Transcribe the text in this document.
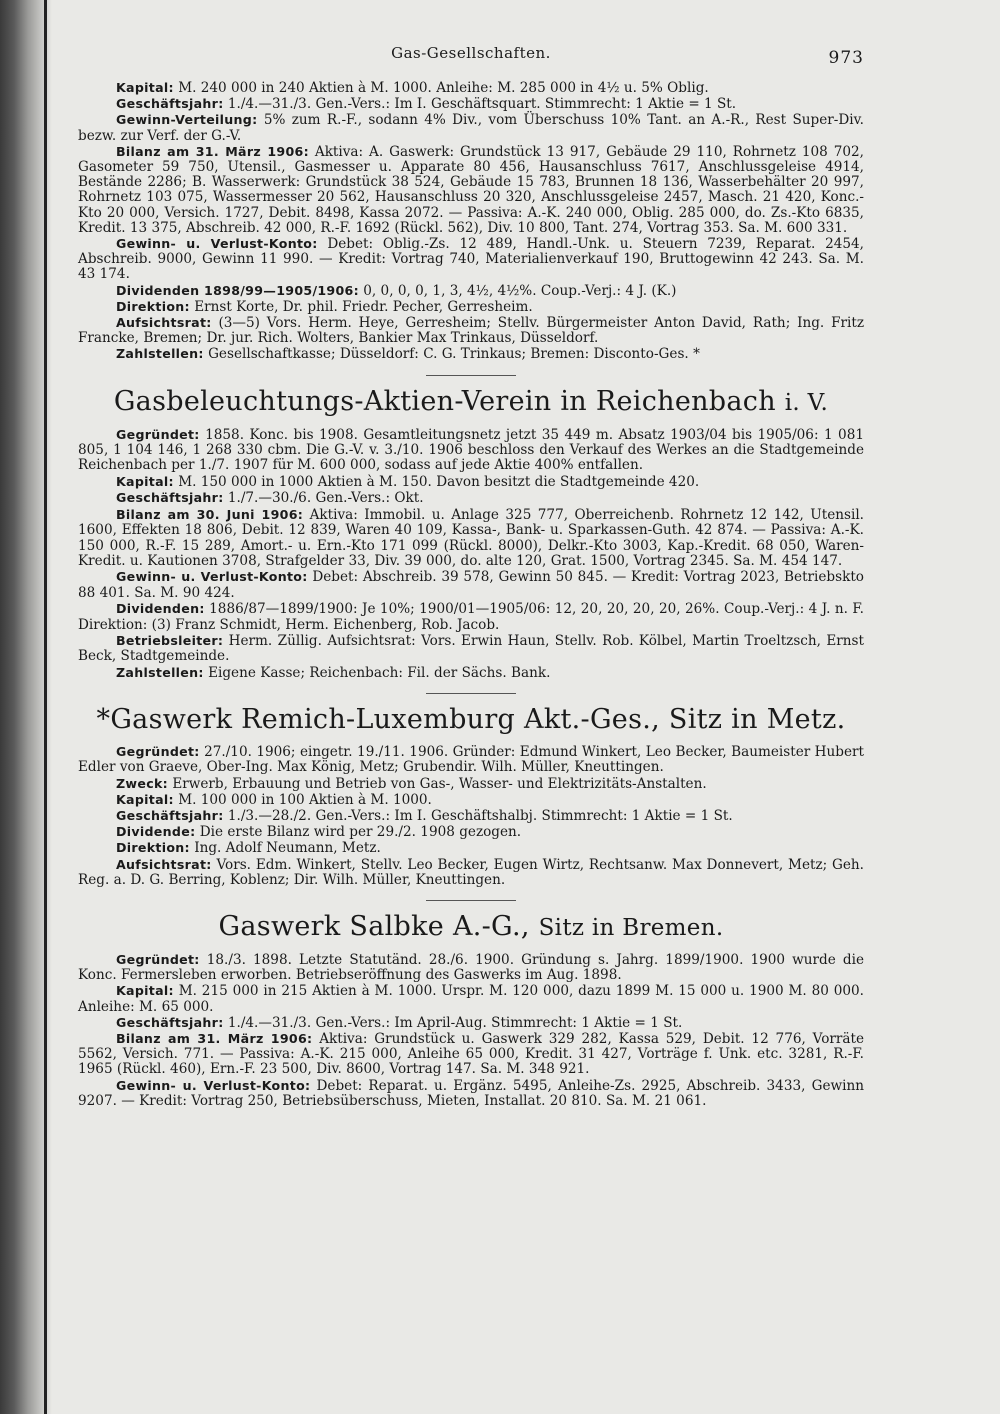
Gas-Gesellschaften.	973

Kapital: M. 240 000 in 240 Aktien à M. 1000. Anleihe: M. 285 000 in 4½ u. 5% Oblig.

Geschäftsjahr: 1./4.—31./3. Gen.-Vers.: Im I. Geschäftsquart. Stimmrecht: 1 Aktie = 1 St.

Gewinn-Verteilung: 5% zum R.-F., sodann 4% Div., vom Überschuss 10% Tant. an A.-R., Rest Super-Div. bezw. zur Verf. der G.-V.

Bilanz am 31. März 1906: Aktiva: A. Gaswerk: Grundstück 13 917, Gebäude 29 110, Rohrnetz 108 702, Gasometer 59 750, Utensil., Gasmesser u. Apparate 80 456, Hausanschluss 7617, Anschlussgeleise 4914, Bestände 2286; B. Wasserwerk: Grundstück 38 524, Gebäude 15 783, Brunnen 18 136, Wasserbehälter 20 997, Rohrnetz 103 075, Wassermesser 20 562, Hausanschluss 20 320, Anschlussgeleise 2457, Masch. 21 420, Konc.-Kto 20 000, Versich. 1727, Debit. 8498, Kassa 2072. — Passiva: A.-K. 240 000, Oblig. 285 000, do. Zs.-Kto 6835, Kredit. 13 375, Abschreib. 42 000, R.-F. 1692 (Rückl. 562), Div. 10 800, Tant. 274, Vortrag 353. Sa. M. 600 331.

Gewinn- u. Verlust-Konto: Debet: Oblig.-Zs. 12 489, Handl.-Unk. u. Steuern 7239, Reparat. 2454, Abschreib. 9000, Gewinn 11 990. — Kredit: Vortrag 740, Materialienverkauf 190, Bruttogewinn 42 243. Sa. M. 43 174.

Dividenden 1898/99—1905/1906: 0, 0, 0, 0, 1, 3, 4½, 4½%. Coup.-Verj.: 4 J. (K.)

Direktion: Ernst Korte, Dr. phil. Friedr. Pecher, Gerresheim.

Aufsichtsrat: (3—5) Vors. Herm. Heye, Gerresheim; Stellv. Bürgermeister Anton David, Rath; Ing. Fritz Francke, Bremen; Dr. jur. Rich. Wolters, Bankier Max Trinkaus, Düsseldorf.

Zahlstellen: Gesellschaftkasse; Düsseldorf: C. G. Trinkaus; Bremen: Disconto-Ges. *

Gasbeleuchtungs-Aktien-Verein in Reichenbach i. V.

Gegründet: 1858. Konc. bis 1908. Gesamtleitungsnetz jetzt 35 449 m. Absatz 1903/04 bis 1905/06: 1 081 805, 1 104 146, 1 268 330 cbm. Die G.-V. v. 3./10. 1906 beschloss den Verkauf des Werkes an die Stadtgemeinde Reichenbach per 1./7. 1907 für M. 600 000, sodass auf jede Aktie 400% entfallen.

Kapital: M. 150 000 in 1000 Aktien à M. 150. Davon besitzt die Stadtgemeinde 420.

Geschäftsjahr: 1./7.—30./6. Gen.-Vers.: Okt.

Bilanz am 30. Juni 1906: Aktiva: Immobil. u. Anlage 325 777, Oberreichenb. Rohrnetz 12 142, Utensil. 1600, Effekten 18 806, Debit. 12 839, Waren 40 109, Kassa-, Bank- u. Sparkassen-Guth. 42 874. — Passiva: A.-K. 150 000, R.-F. 15 289, Amort.- u. Ern.-Kto 171 099 (Rückl. 8000), Delkr.-Kto 3003, Kap.-Kredit. 68 050, Waren-Kredit. u. Kautionen 3708, Strafgelder 33, Div. 39 000, do. alte 120, Grat. 1500, Vortrag 2345. Sa. M. 454 147.

Gewinn- u. Verlust-Konto: Debet: Abschreib. 39 578, Gewinn 50 845. — Kredit: Vortrag 2023, Betriebskto 88 401. Sa. M. 90 424.

Dividenden: 1886/87—1899/1900: Je 10%; 1900/01—1905/06: 12, 20, 20, 20, 20, 26%. Coup.-Verj.: 4 J. n. F. Direktion: (3) Franz Schmidt, Herm. Eichenberg, Rob. Jacob.

Betriebsleiter: Herm. Züllig. Aufsichtsrat: Vors. Erwin Haun, Stellv. Rob. Kölbel, Martin Troeltzsch, Ernst Beck, Stadtgemeinde.

Zahlstellen: Eigene Kasse; Reichenbach: Fil. der Sächs. Bank.

*Gaswerk Remich-Luxemburg Akt.-Ges., Sitz in Metz.

Gegründet: 27./10. 1906; eingetr. 19./11. 1906. Gründer: Edmund Winkert, Leo Becker, Baumeister Hubert Edler von Graeve, Ober-Ing. Max König, Metz; Grubendir. Wilh. Müller, Kneuttingen.

Zweck: Erwerb, Erbauung und Betrieb von Gas-, Wasser- und Elektrizitäts-Anstalten.

Kapital: M. 100 000 in 100 Aktien à M. 1000.

Geschäftsjahr: 1./3.—28./2. Gen.-Vers.: Im I. Geschäftshalbj. Stimmrecht: 1 Aktie = 1 St.

Dividende: Die erste Bilanz wird per 29./2. 1908 gezogen.

Direktion: Ing. Adolf Neumann, Metz.

Aufsichtsrat: Vors. Edm. Winkert, Stellv. Leo Becker, Eugen Wirtz, Rechtsanw. Max Donnevert, Metz; Geh. Reg. a. D. G. Berring, Koblenz; Dir. Wilh. Müller, Kneuttingen.

Gaswerk Salbke A.-G., Sitz in Bremen.

Gegründet: 18./3. 1898. Letzte Statutänd. 28./6. 1900. Gründung s. Jahrg. 1899/1900. 1900 wurde die Konc. Fermersleben erworben. Betriebseröffnung des Gaswerks im Aug. 1898.

Kapital: M. 215 000 in 215 Aktien à M. 1000. Urspr. M. 120 000, dazu 1899 M. 15 000 u. 1900 M. 80 000. Anleihe: M. 65 000.

Geschäftsjahr: 1./4.—31./3. Gen.-Vers.: Im April-Aug. Stimmrecht: 1 Aktie = 1 St.

Bilanz am 31. März 1906: Aktiva: Grundstück u. Gaswerk 329 282, Kassa 529, Debit. 12 776, Vorräte 5562, Versich. 771. — Passiva: A.-K. 215 000, Anleihe 65 000, Kredit. 31 427, Vorträge f. Unk. etc. 3281, R.-F. 1965 (Rückl. 460), Ern.-F. 23 500, Div. 8600, Vortrag 147. Sa. M. 348 921.

Gewinn- u. Verlust-Konto: Debet: Reparat. u. Ergänz. 5495, Anleihe-Zs. 2925, Abschreib. 3433, Gewinn 9207. — Kredit: Vortrag 250, Betriebsüberschuss, Mieten, Installat. 20 810. Sa. M. 21 061.
